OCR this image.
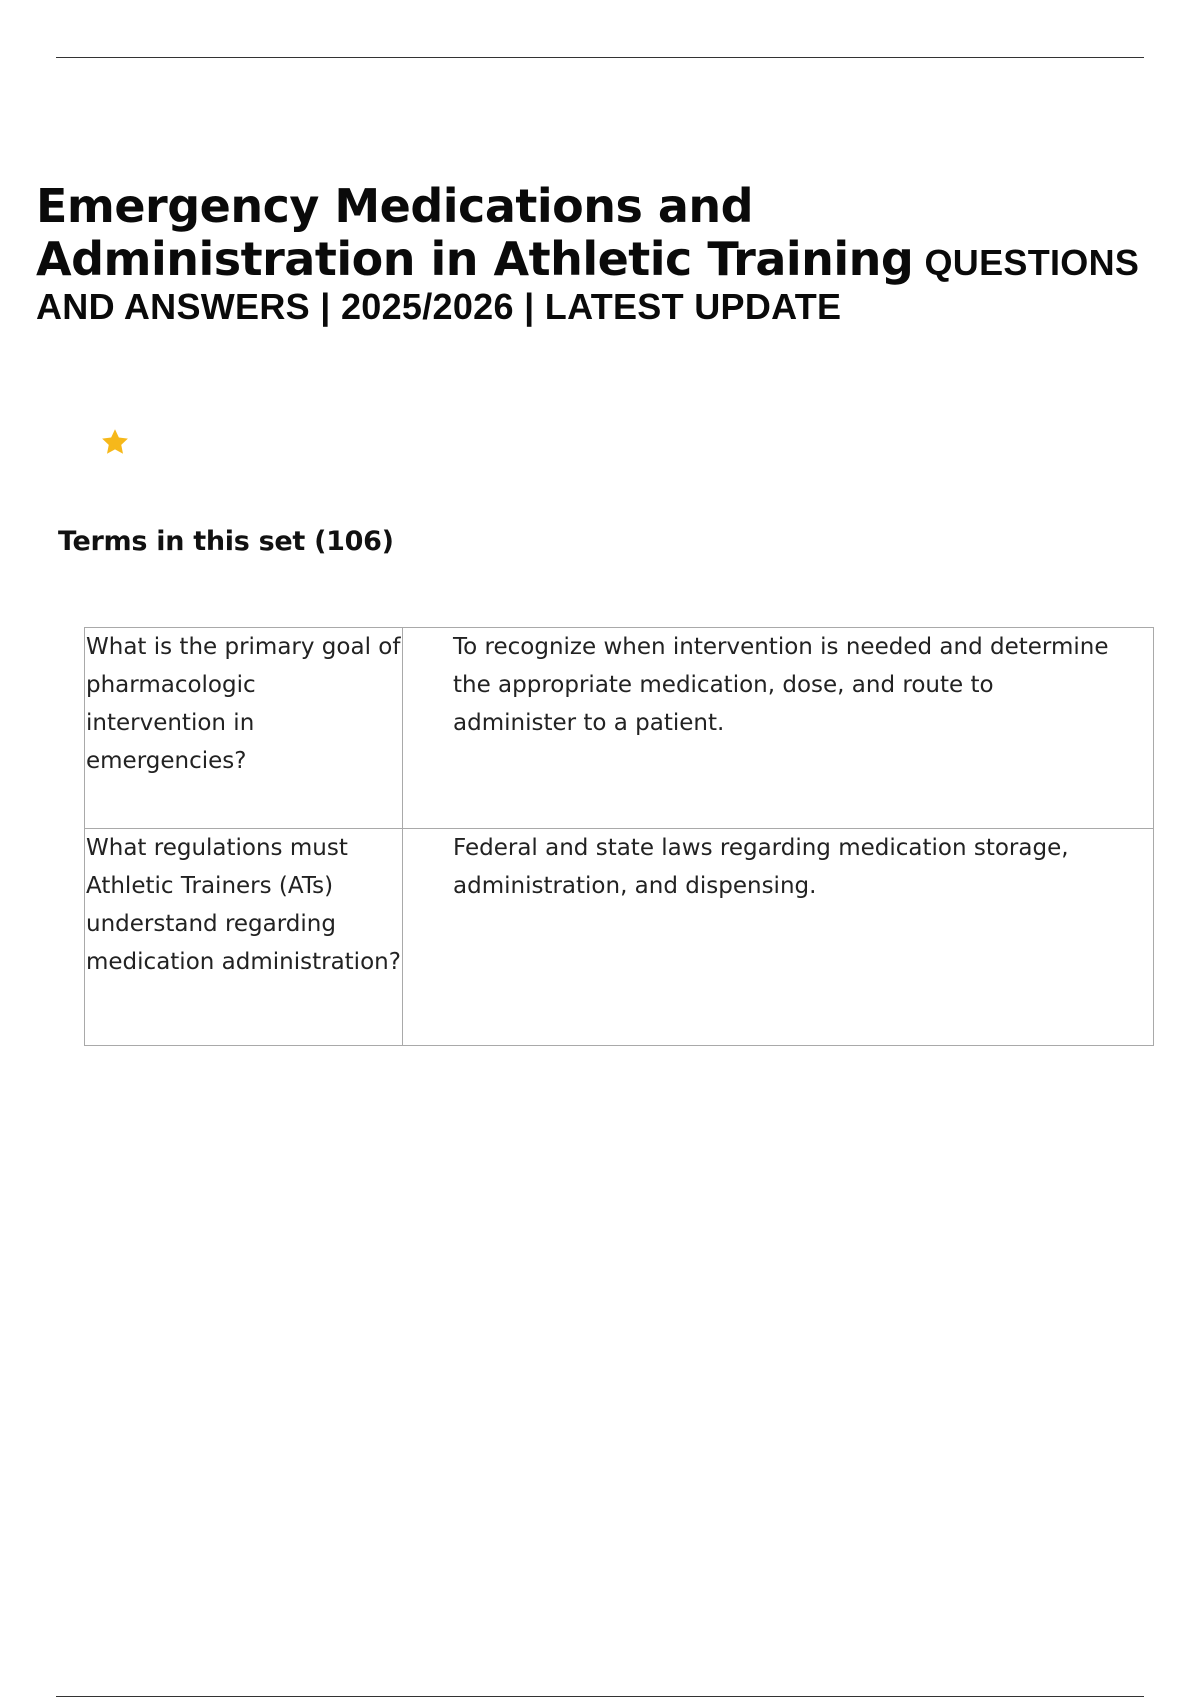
Emergency Medications and Administration in Athletic Training QUESTIONS AND ANSWERS | 2025/2026 | LATEST UPDATE
Terms in this set (106)
What is the primary goal of pharmacologic intervention in emergencies?	To recognize when intervention is needed and determine the appropriate medication, dose, and route to administer to a patient.
What regulations must Athletic Trainers (ATs) understand regarding medication administration?	Federal and state laws regarding medication storage, administration, and dispensing.
